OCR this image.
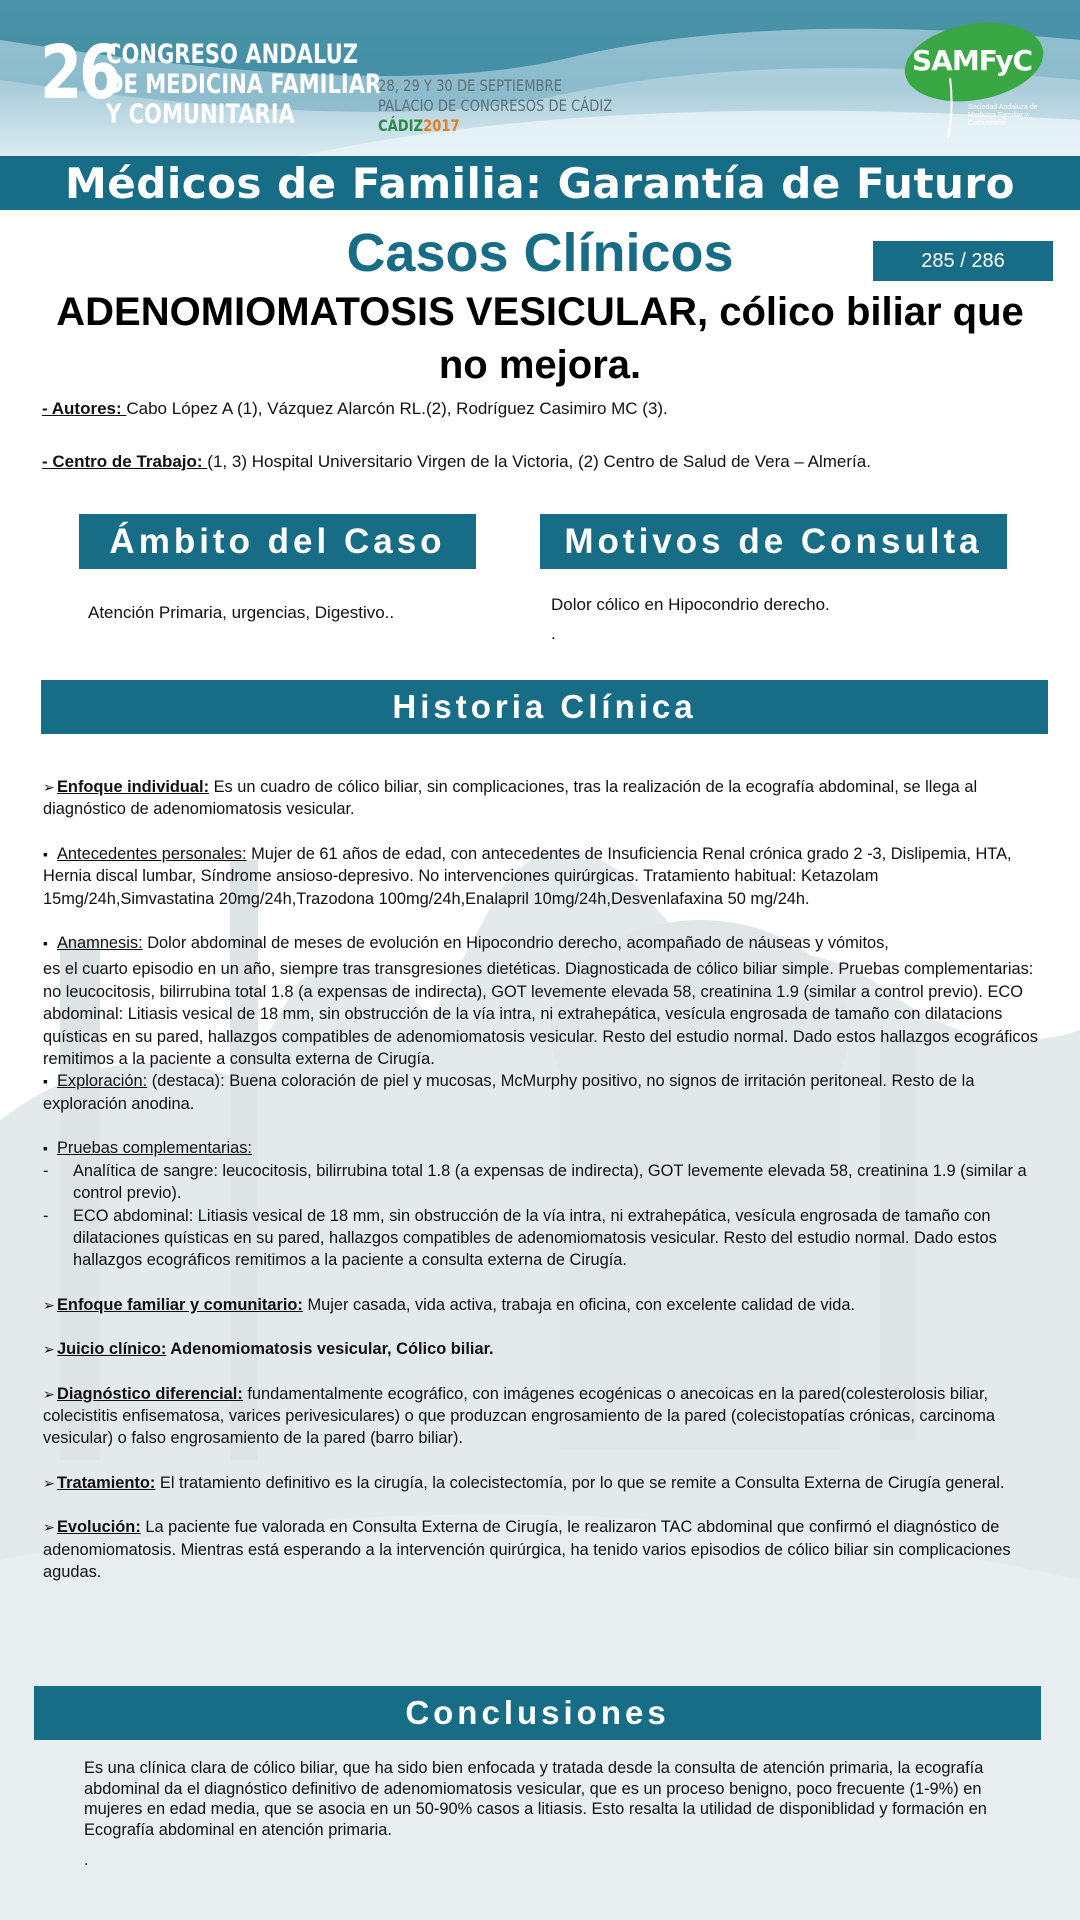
26
CONGRESO ANDALUZ
DE MEDICINA FAMILIAR
Y COMUNITARIA
28, 29 Y 30 DE SEPTIEMBRE
PALACIO DE CONGRESOS DE CÁDIZ
CÁDIZ2017
SAMFyC
Sociedad Andaluza de Medicina Familiar y Comunitaria
Médicos de Familia: Garantía de Futuro
Casos Clínicos	285 / 286
ADENOMIOMATOSIS VESICULAR, cólico biliar que no mejora.
- Autores: Cabo López A (1), Vázquez Alarcón RL.(2), Rodríguez Casimiro MC (3).
- Centro de Trabajo: (1, 3) Hospital Universitario Virgen de la Victoria, (2) Centro de Salud de Vera – Almería.
Ámbito del Caso	Motivos de Consulta
Atención Primaria, urgencias, Digestivo..	Dolor cólico en Hipocondrio derecho.
.
Historia Clínica

➢ Enfoque individual: Es un cuadro de cólico biliar, sin complicaciones, tras la realización de la ecografía abdominal, se llega al diagnóstico de adenomiomatosis vesicular.

▪ Antecedentes personales: Mujer de 61 años de edad, con antecedentes de Insuficiencia Renal crónica grado 2 -3, Dislipemia, HTA, Hernia discal lumbar, Síndrome ansioso-depresivo. No intervenciones quirúrgicas. Tratamiento habitual: Ketazolam 15mg/24h,Simvastatina 20mg/24h,Trazodona 100mg/24h,Enalapril 10mg/24h,Desvenlafaxina 50 mg/24h.

▪ Anamnesis: Dolor abdominal de meses de evolución en Hipocondrio derecho, acompañado de náuseas y vómitos,

es el cuarto episodio en un año, siempre tras transgresiones dietéticas. Diagnosticada de cólico biliar simple. Pruebas complementarias: no leucocitosis, bilirrubina total 1.8 (a expensas de indirecta), GOT levemente elevada 58, creatinina 1.9 (similar a control previo). ECO abdominal: Litiasis vesical de 18 mm, sin obstrucción de la vía intra, ni extrahepática, vesícula engrosada de tamaño con dilatacions quísticas en su pared, hallazgos compatibles de adenomiomatosis vesicular. Resto del estudio normal. Dado estos hallazgos ecográficos remitimos a la paciente a consulta externa de Cirugía.

▪ Exploración: (destaca): Buena coloración de piel y mucosas, McMurphy positivo, no signos de irritación peritoneal. Resto de la exploración anodina.

▪ Pruebas complementarias:

-	Analítica de sangre: leucocitosis, bilirrubina total 1.8 (a expensas de indirecta), GOT levemente elevada 58, creatinina 1.9 (similar a control previo).
-	ECO abdominal: Litiasis vesical de 18 mm, sin obstrucción de la vía intra, ni extrahepática, vesícula engrosada de tamaño con dilataciones quísticas en su pared, hallazgos compatibles de adenomiomatosis vesicular. Resto del estudio normal. Dado estos hallazgos ecográficos remitimos a la paciente a consulta externa de Cirugía.

➢ Enfoque familiar y comunitario: Mujer casada, vida activa, trabaja en oficina, con excelente calidad de vida.

➢ Juicio clínico: Adenomiomatosis vesicular, Cólico biliar.

➢ Diagnóstico diferencial: fundamentalmente ecográfico, con imágenes ecogénicas o anecoicas en la pared(colesterolosis biliar, colecistitis enfisematosa, varices perivesiculares) o que produzcan engrosamiento de la pared (colecistopatías crónicas, carcinoma vesicular) o falso engrosamiento de la pared (barro biliar).

➢ Tratamiento: El tratamiento definitivo es la cirugía, la colecistectomía, por lo que se remite a Consulta Externa de Cirugía general.

➢ Evolución: La paciente fue valorada en Consulta Externa de Cirugía, le realizaron TAC abdominal que confirmó el diagnóstico de adenomiomatosis. Mientras está esperando a la intervención quirúrgica, ha tenido varios episodios de cólico biliar sin complicaciones agudas.

Conclusiones
Es una clínica clara de cólico biliar, que ha sido bien enfocada y tratada desde la consulta de atención primaria, la ecografía abdominal da el diagnóstico definitivo de adenomiomatosis vesicular, que es un proceso benigno, poco frecuente (1-9%) en mujeres en edad media, que se asocia en un 50-90% casos a litiasis. Esto resalta la utilidad de disponiblidad y formación en Ecografía abdominal en atención primaria.
.
